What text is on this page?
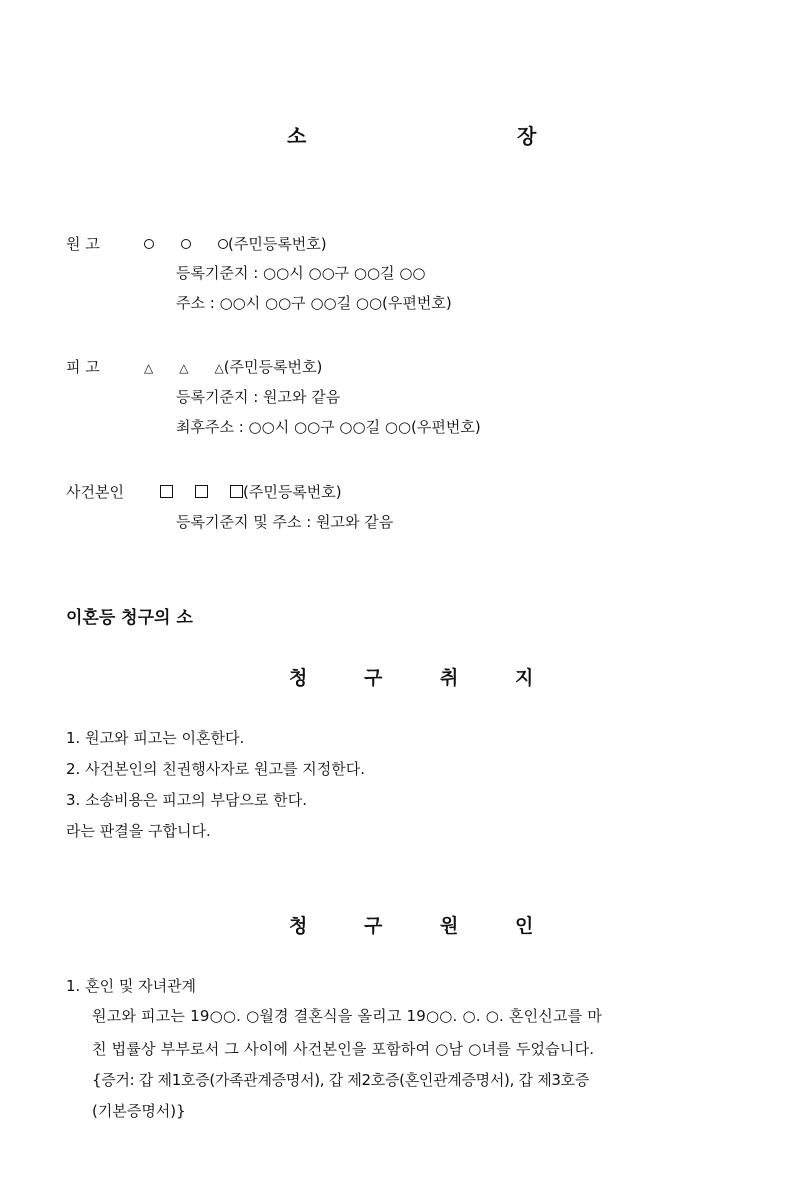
소	장
원 고	(주민등록번호)
등록기준지 : ○○시 ○○구 ○○길 ○○
주소 : ○○시 ○○구 ○○길 ○○(우편번호)
피 고	△ △ △(주민등록번호)
등록기준지 : 원고와 같음
최후주소 : ○○시 ○○구 ○○길 ○○(우편번호)
사건본인	(주민등록번호)
등록기준지 및 주소 : 원고와 같음
이혼등 청구의 소
청	구	취	지
1. 원고와 피고는 이혼한다.
2. 사건본인의 친권행사자로 원고를 지정한다.
3. 소송비용은 피고의 부담으로 한다.
라는 판결을 구합니다.
청	구	원	인
1. 혼인 및 자녀관계
원고와 피고는 19○○. ○월경 결혼식을 올리고 19○○. ○. ○. 혼인신고를 마
친 법률상 부부로서 그 사이에 사건본인을 포함하여 ○남 ○녀를 두었습니다.
{증거: 갑 제1호증(가족관계증명서), 갑 제2호증(혼인관계증명서), 갑 제3호증
(기본증명서)}
